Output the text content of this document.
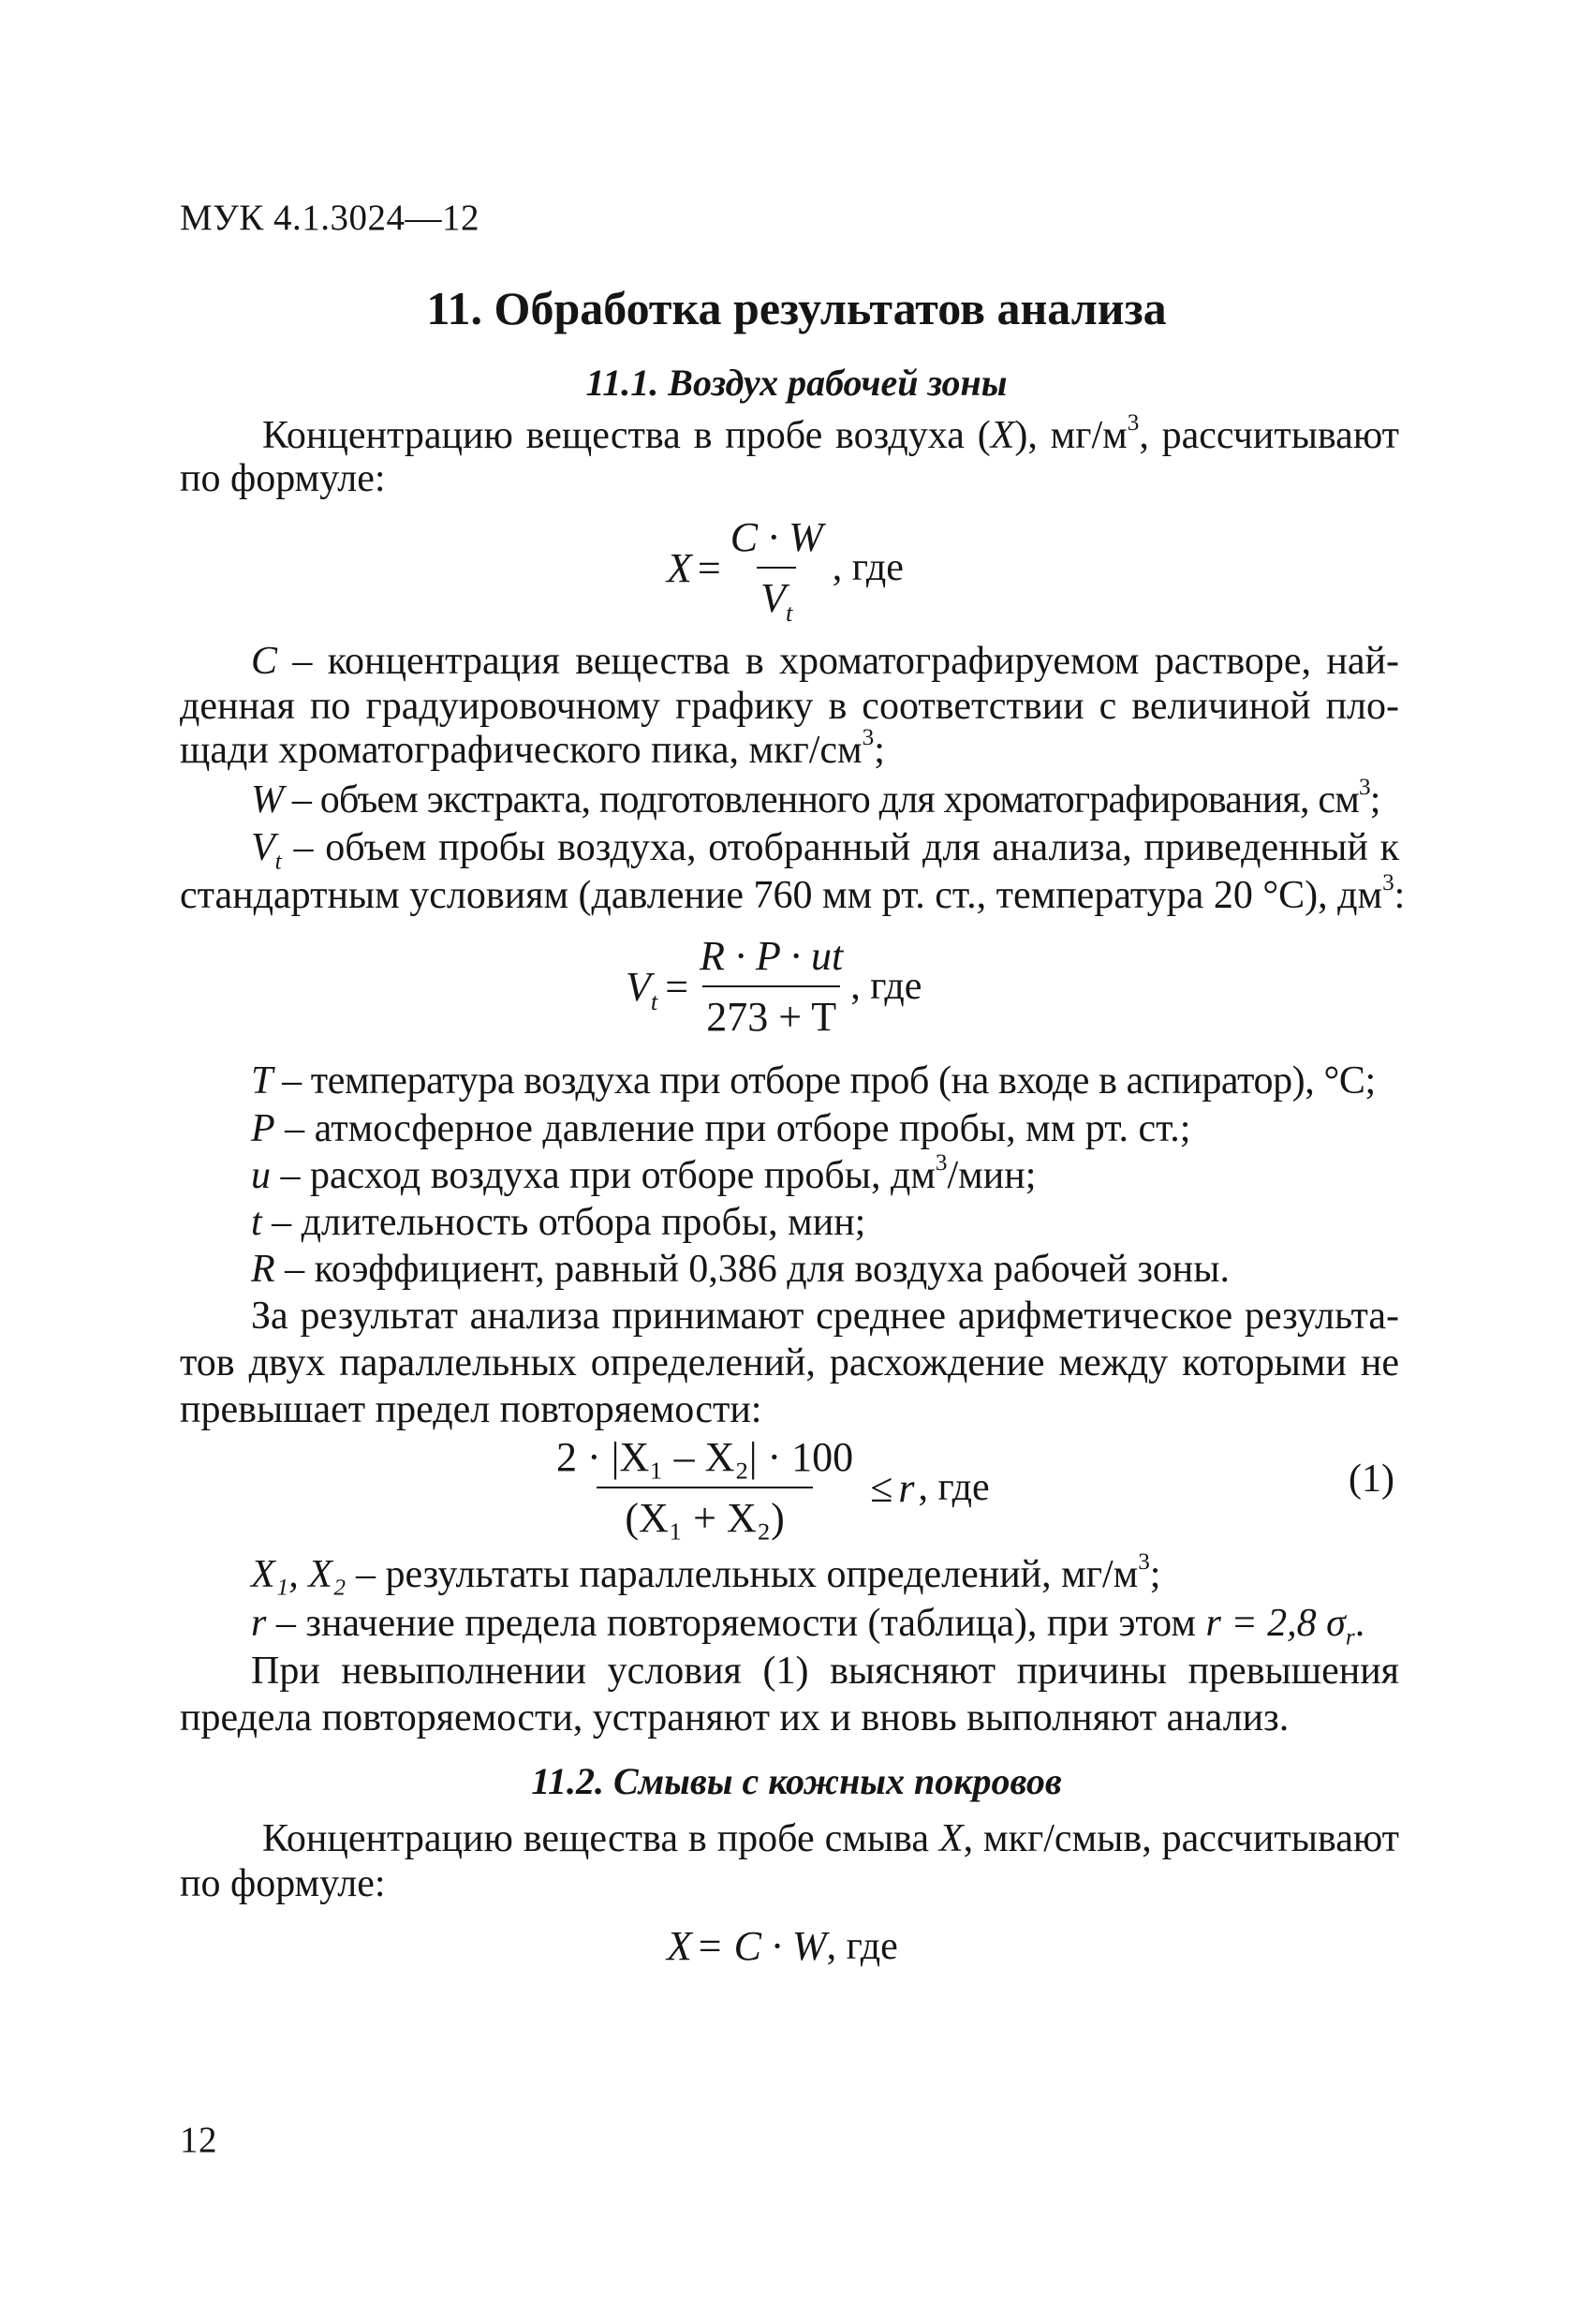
МУК 4.1.3024—12
11. Обработка результатов анализа
11.1. Воздух рабочей зоны
Концентрацию вещества в пробе воздуха (X), $мг/м^3$, рассчитывают
по формуле:
$X = \frac{C \cdot W}{V_t}$ , где
C – концентрация вещества в хроматографируемом растворе, най-
денная по градуировочному графику в соответствии с величиной пло-
щади хроматографического пика, мкг/$см^3$;
W – объем экстракта, подготовленного для хроматографирования, $см^3$;
$V_t$ – объем пробы воздуха, отобранный для анализа, приведенный к
стандартным условиям (давление 760 мм рт. ст., температура 20 °С), $дм^3$:
$V_t = \frac{R \cdot P \cdot ut}{273 + T}$ , где
T – температура воздуха при отборе проб (на входе в аспиратор), °С;
P – атмосферное давление при отборе пробы, мм рт. ст.;
u – расход воздуха при отборе пробы, $дм^3$/мин;
t – длительность отбора пробы, мин;
R – коэффициент, равный 0,386 для воздуха рабочей зоны.
За результат анализа принимают среднее арифметическое результа-
тов двух параллельных определений, расхождение между которыми не
превышает предел повторяемости:
$\frac{\text{2 · |X₁ – X₂| · 100}}{\text{(X₁ + X₂)}} \le r$ , где	(1)
X₁, X₂ – результаты параллельных определений, $мг/м^3$;
r – значение предела повторяемости (таблица), при этом r = 2,8 $\sigma_r$.
При невыполнении условия (1) выясняют причины превышения
предела повторяемости, устраняют их и вновь выполняют анализ.
11.2. Смывы с кожных покровов
Концентрацию вещества в пробе смыва X, мкг/смыв, рассчитывают
по формуле:
X = C · W , где
12
